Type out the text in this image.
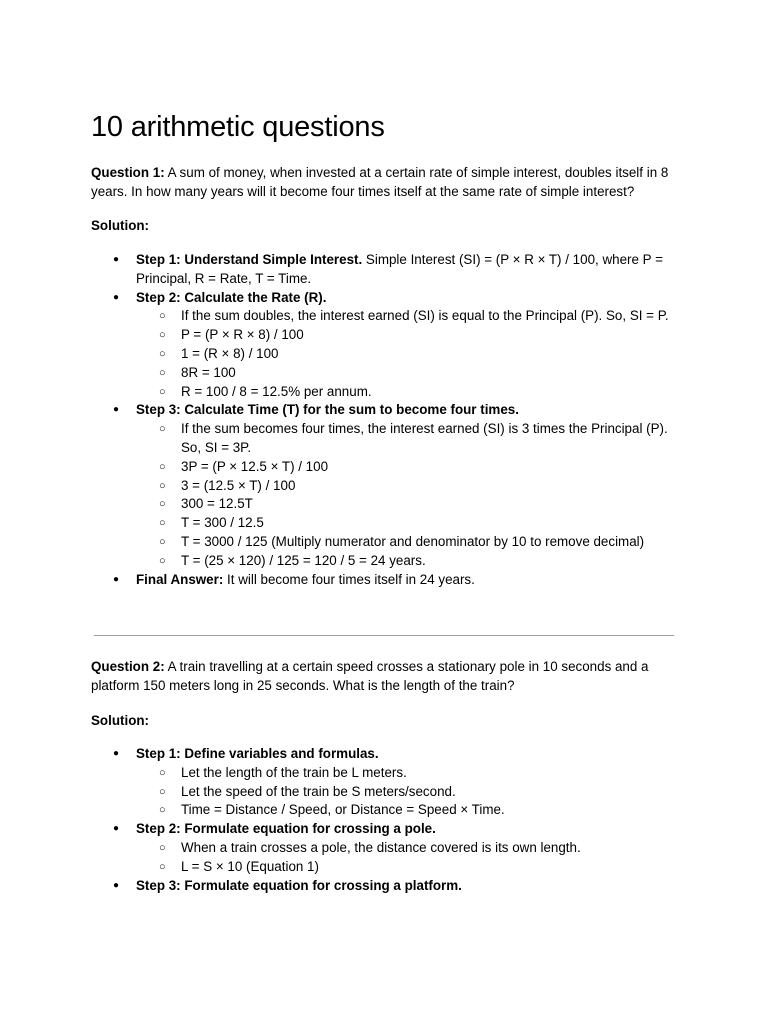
10 arithmetic questions

Question 1: A sum of money, when invested at a certain rate of simple interest, doubles itself in 8 years. In how many years will it become four times itself at the same rate of simple interest?

Solution:

● Step 1: Understand Simple Interest. Simple Interest (SI) = (P × R × T) / 100, where P = Principal, R = Rate, T = Time.
● Step 2: Calculate the Rate (R).
○ If the sum doubles, the interest earned (SI) is equal to the Principal (P). So, SI = P.
○ P = (P × R × 8) / 100
○ 1 = (R × 8) / 100
○ 8R = 100
○ R = 100 / 8 = 12.5% per annum.
● Step 3: Calculate Time (T) for the sum to become four times.
○ If the sum becomes four times, the interest earned (SI) is 3 times the Principal (P). So, SI = 3P.
○ 3P = (P × 12.5 × T) / 100
○ 3 = (12.5 × T) / 100
○ 300 = 12.5T
○ T = 300 / 12.5
○ T = 3000 / 125 (Multiply numerator and denominator by 10 to remove decimal)
○ T = (25 × 120) / 125 = 120 / 5 = 24 years.
● Final Answer: It will become four times itself in 24 years.

Question 2: A train travelling at a certain speed crosses a stationary pole in 10 seconds and a platform 150 meters long in 25 seconds. What is the length of the train?

Solution:

● Step 1: Define variables and formulas.
○ Let the length of the train be L meters.
○ Let the speed of the train be S meters/second.
○ Time = Distance / Speed, or Distance = Speed × Time.
● Step 2: Formulate equation for crossing a pole.
○ When a train crosses a pole, the distance covered is its own length.
○ L = S × 10 (Equation 1)
● Step 3: Formulate equation for crossing a platform.
